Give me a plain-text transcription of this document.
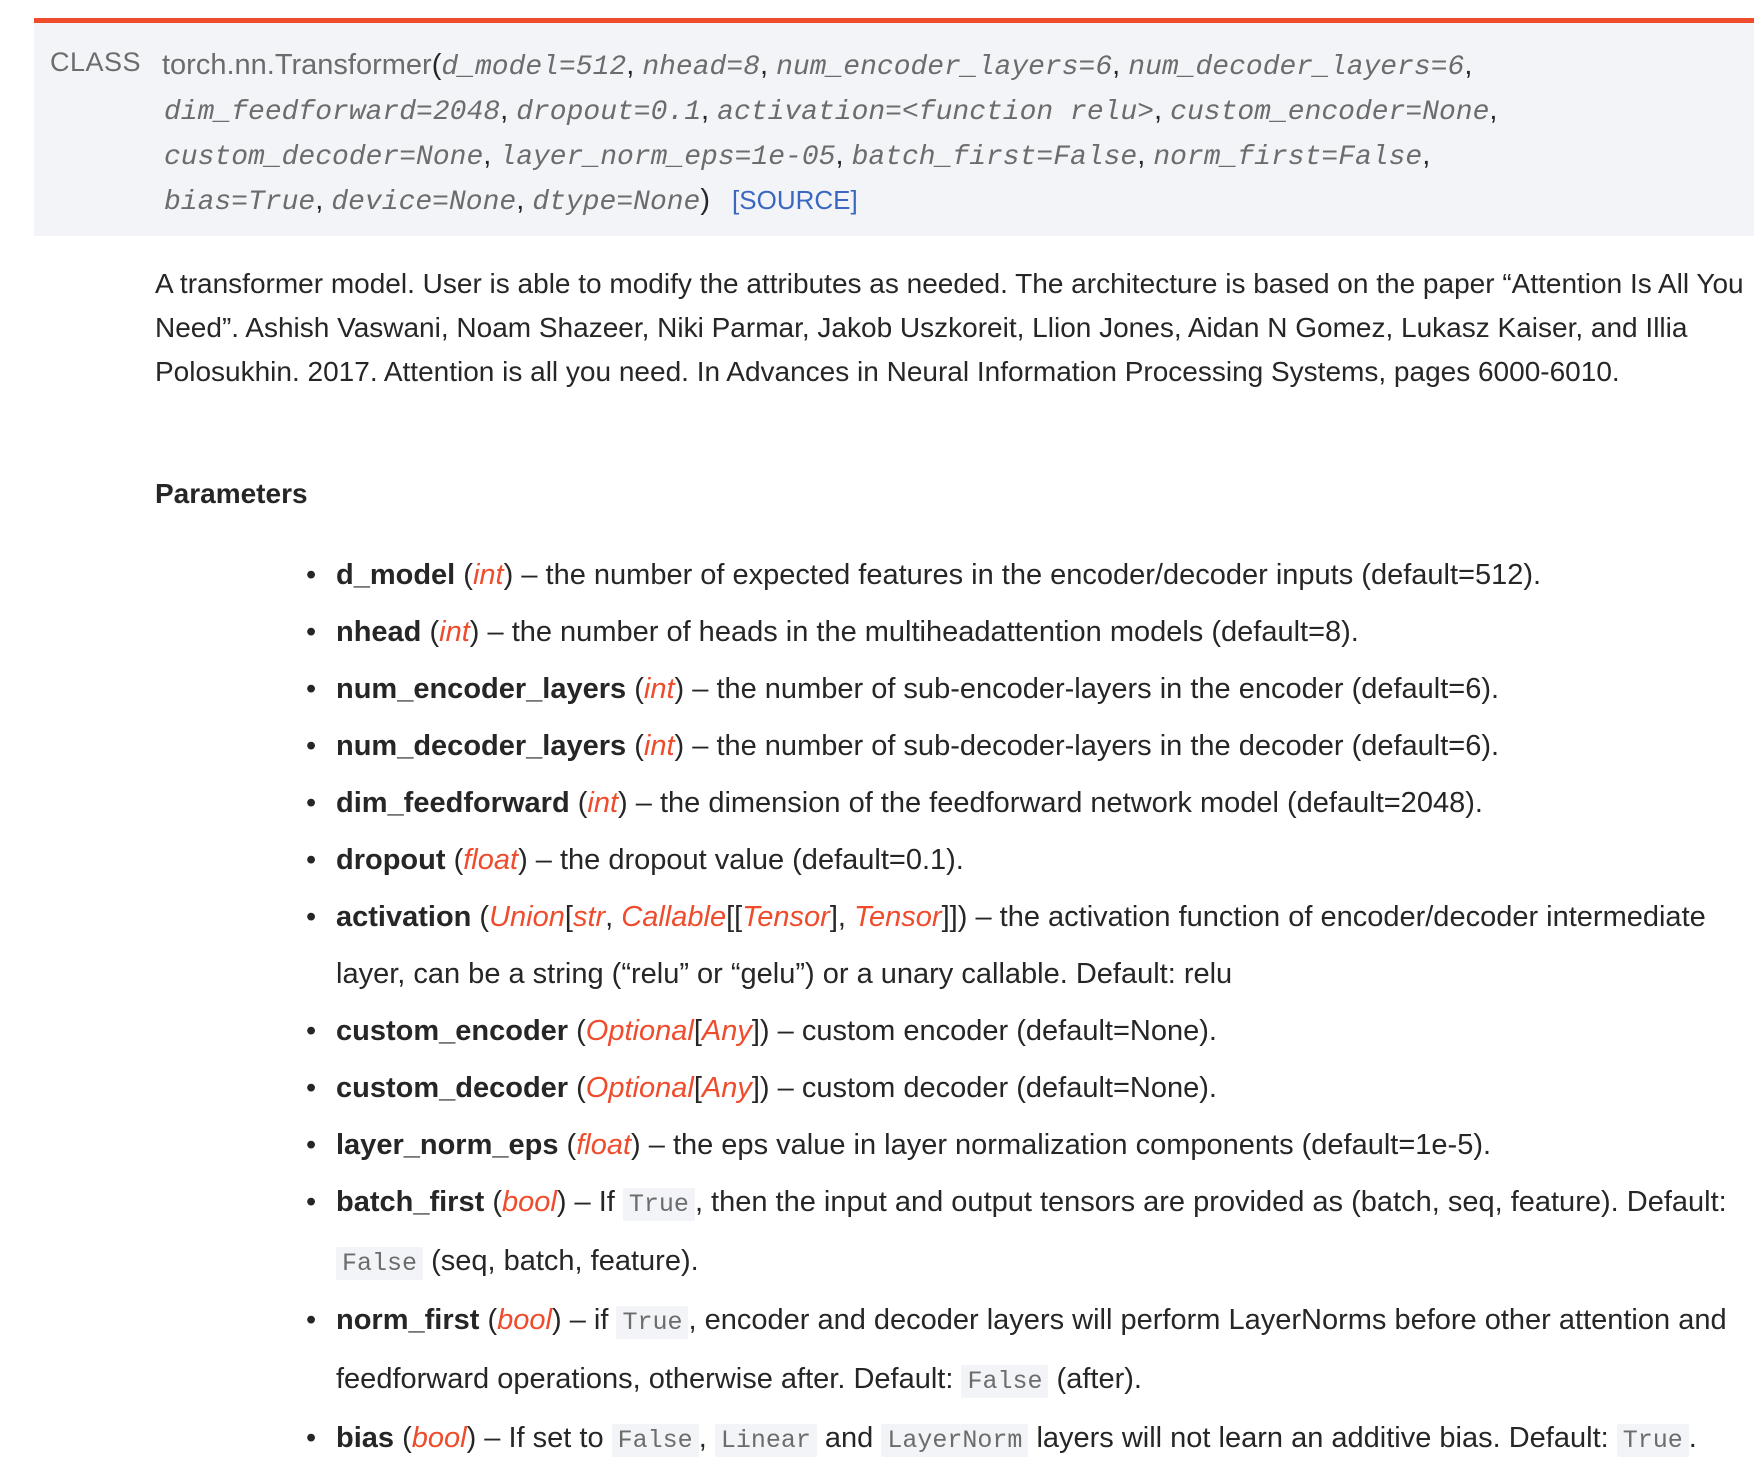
CLASS torch.nn.Transformer(d_model=512, nhead=8, num_encoder_layers=6, num_decoder_layers=6,
dim_feedforward=2048, dropout=0.1, activation=<function relu>, custom_encoder=None,
custom_decoder=None, layer_norm_eps=1e-05, batch_first=False, norm_first=False,
bias=True, device=None, dtype=None) [SOURCE]
A transformer model. User is able to modify the attributes as needed. The architecture is based on the paper “Attention Is All You Need”. Ashish Vaswani, Noam Shazeer, Niki Parmar, Jakob Uszkoreit, Llion Jones, Aidan N Gomez, Lukasz Kaiser, and Illia Polosukhin. 2017. Attention is all you need. In Advances in Neural Information Processing Systems, pages 6000-6010.
Parameters
• d_model (int) – the number of expected features in the encoder/decoder inputs (default=512).
• nhead (int) – the number of heads in the multiheadattention models (default=8).
• num_encoder_layers (int) – the number of sub-encoder-layers in the encoder (default=6).
• num_decoder_layers (int) – the number of sub-decoder-layers in the decoder (default=6).
• dim_feedforward (int) – the dimension of the feedforward network model (default=2048).
• dropout (float) – the dropout value (default=0.1).
• activation (Union[str, Callable[[Tensor], Tensor]]) – the activation function of encoder/decoder intermediate layer, can be a string (“relu” or “gelu”) or a unary callable. Default: relu
• custom_encoder (Optional[Any]) – custom encoder (default=None).
• custom_decoder (Optional[Any]) – custom decoder (default=None).
• layer_norm_eps (float) – the eps value in layer normalization components (default=1e-5).
• batch_first (bool) – If True , then the input and output tensors are provided as (batch, seq, feature). Default: False (seq, batch, feature).
• norm_first (bool) – if True , encoder and decoder layers will perform LayerNorms before other attention and feedforward operations, otherwise after. Default: False (after).
• bias (bool) – If set to False , Linear and LayerNorm layers will not learn an additive bias. Default: True .
